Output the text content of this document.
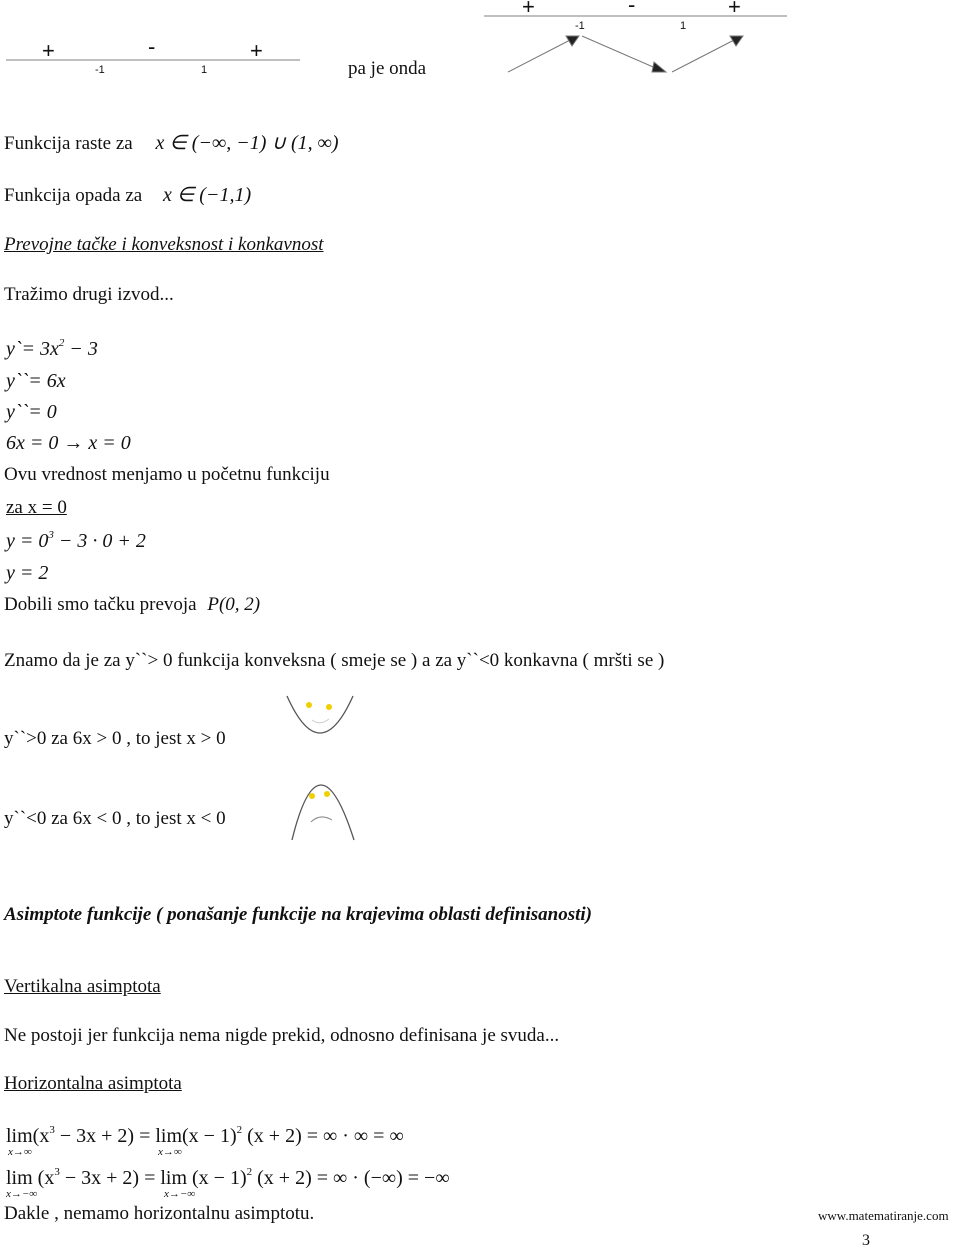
+	-	+
-1	1
+	-	+
-1	1
pa je onda
Funkcija raste za x ∈ (−∞, −1) ∪ (1, ∞)
Funkcija opada za x ∈ (−1,1)
Prevojne tačke i konveksnost i konkavnost
Tražimo drugi izvod...
y`= $3x^2 - 3$
y``= 6x
y``= 0
6x = 0 → x = 0
Ovu vrednost menjamo u početnu funkciju
za x = 0
$y = 0^3 - 3 \cdot 0 + 2$
y = 2
Dobili smo tačku prevoja P(0, 2)
Znamo da je za y``> 0 funkcija konveksna ( smeje se ) a za y``<0 konkavna ( mršti se )
y``>0 za 6x > 0 , to jest x > 0
y``<0 za 6x < 0 , to jest x < 0
Asimptote funkcije ( ponašanje funkcije na krajevima oblasti definisanosti)
Vertikalna asimptota
Ne postoji jer funkcija nema nigde prekid, odnosno definisana je svuda...
Horizontalna asimptota
$\lim(x^3 - 3x + 2) = \lim(x - 1)^2$ (x + 2) = ∞ · ∞ = ∞
x→∞	x→∞
$\lim (x^3 - 3x + 2) = \lim (x - 1)^2$ (x + 2) = ∞ · (−∞) = −∞
x→−∞	x→−∞
Dakle , nemamo horizontalnu asimptotu.	www.matematiranje.com
3
